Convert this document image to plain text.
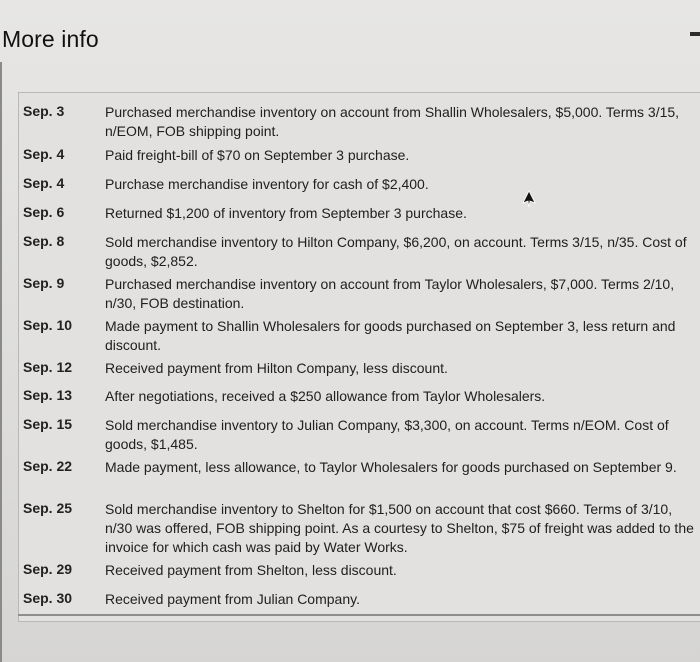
More info
Sep. 3	Purchased merchandise inventory on account from Shallin Wholesalers, $5,000. Terms 3/15, n/EOM, FOB shipping point.
Sep. 4	Paid freight-bill of $70 on September 3 purchase.
Sep. 4	Purchase merchandise inventory for cash of $2,400.
Sep. 6	Returned $1,200 of inventory from September 3 purchase.
Sep. 8	Sold merchandise inventory to Hilton Company, $6,200, on account. Terms 3/15, n/35. Cost of goods, $2,852.
Sep. 9	Purchased merchandise inventory on account from Taylor Wholesalers, $7,000. Terms 2/10, n/30, FOB destination.
Sep. 10 Made payment to Shallin Wholesalers for goods purchased on September 3, less return and discount.
Sep. 12 Received payment from Hilton Company, less discount.
Sep. 13 After negotiations, received a $250 allowance from Taylor Wholesalers.
Sep. 15 Sold merchandise inventory to Julian Company, $3,300, on account. Terms n/EOM. Cost of goods, $1,485.
Sep. 22 Made payment, less allowance, to Taylor Wholesalers for goods purchased on September 9.
Sep. 25 Sold merchandise inventory to Shelton for $1,500 on account that cost $660. Terms of 3/10, n/30 was offered, FOB shipping point. As a courtesy to Shelton, $75 of freight was added to the invoice for which cash was paid by Water Works.
Sep. 29 Received payment from Shelton, less discount.
Sep. 30 Received payment from Julian Company.
